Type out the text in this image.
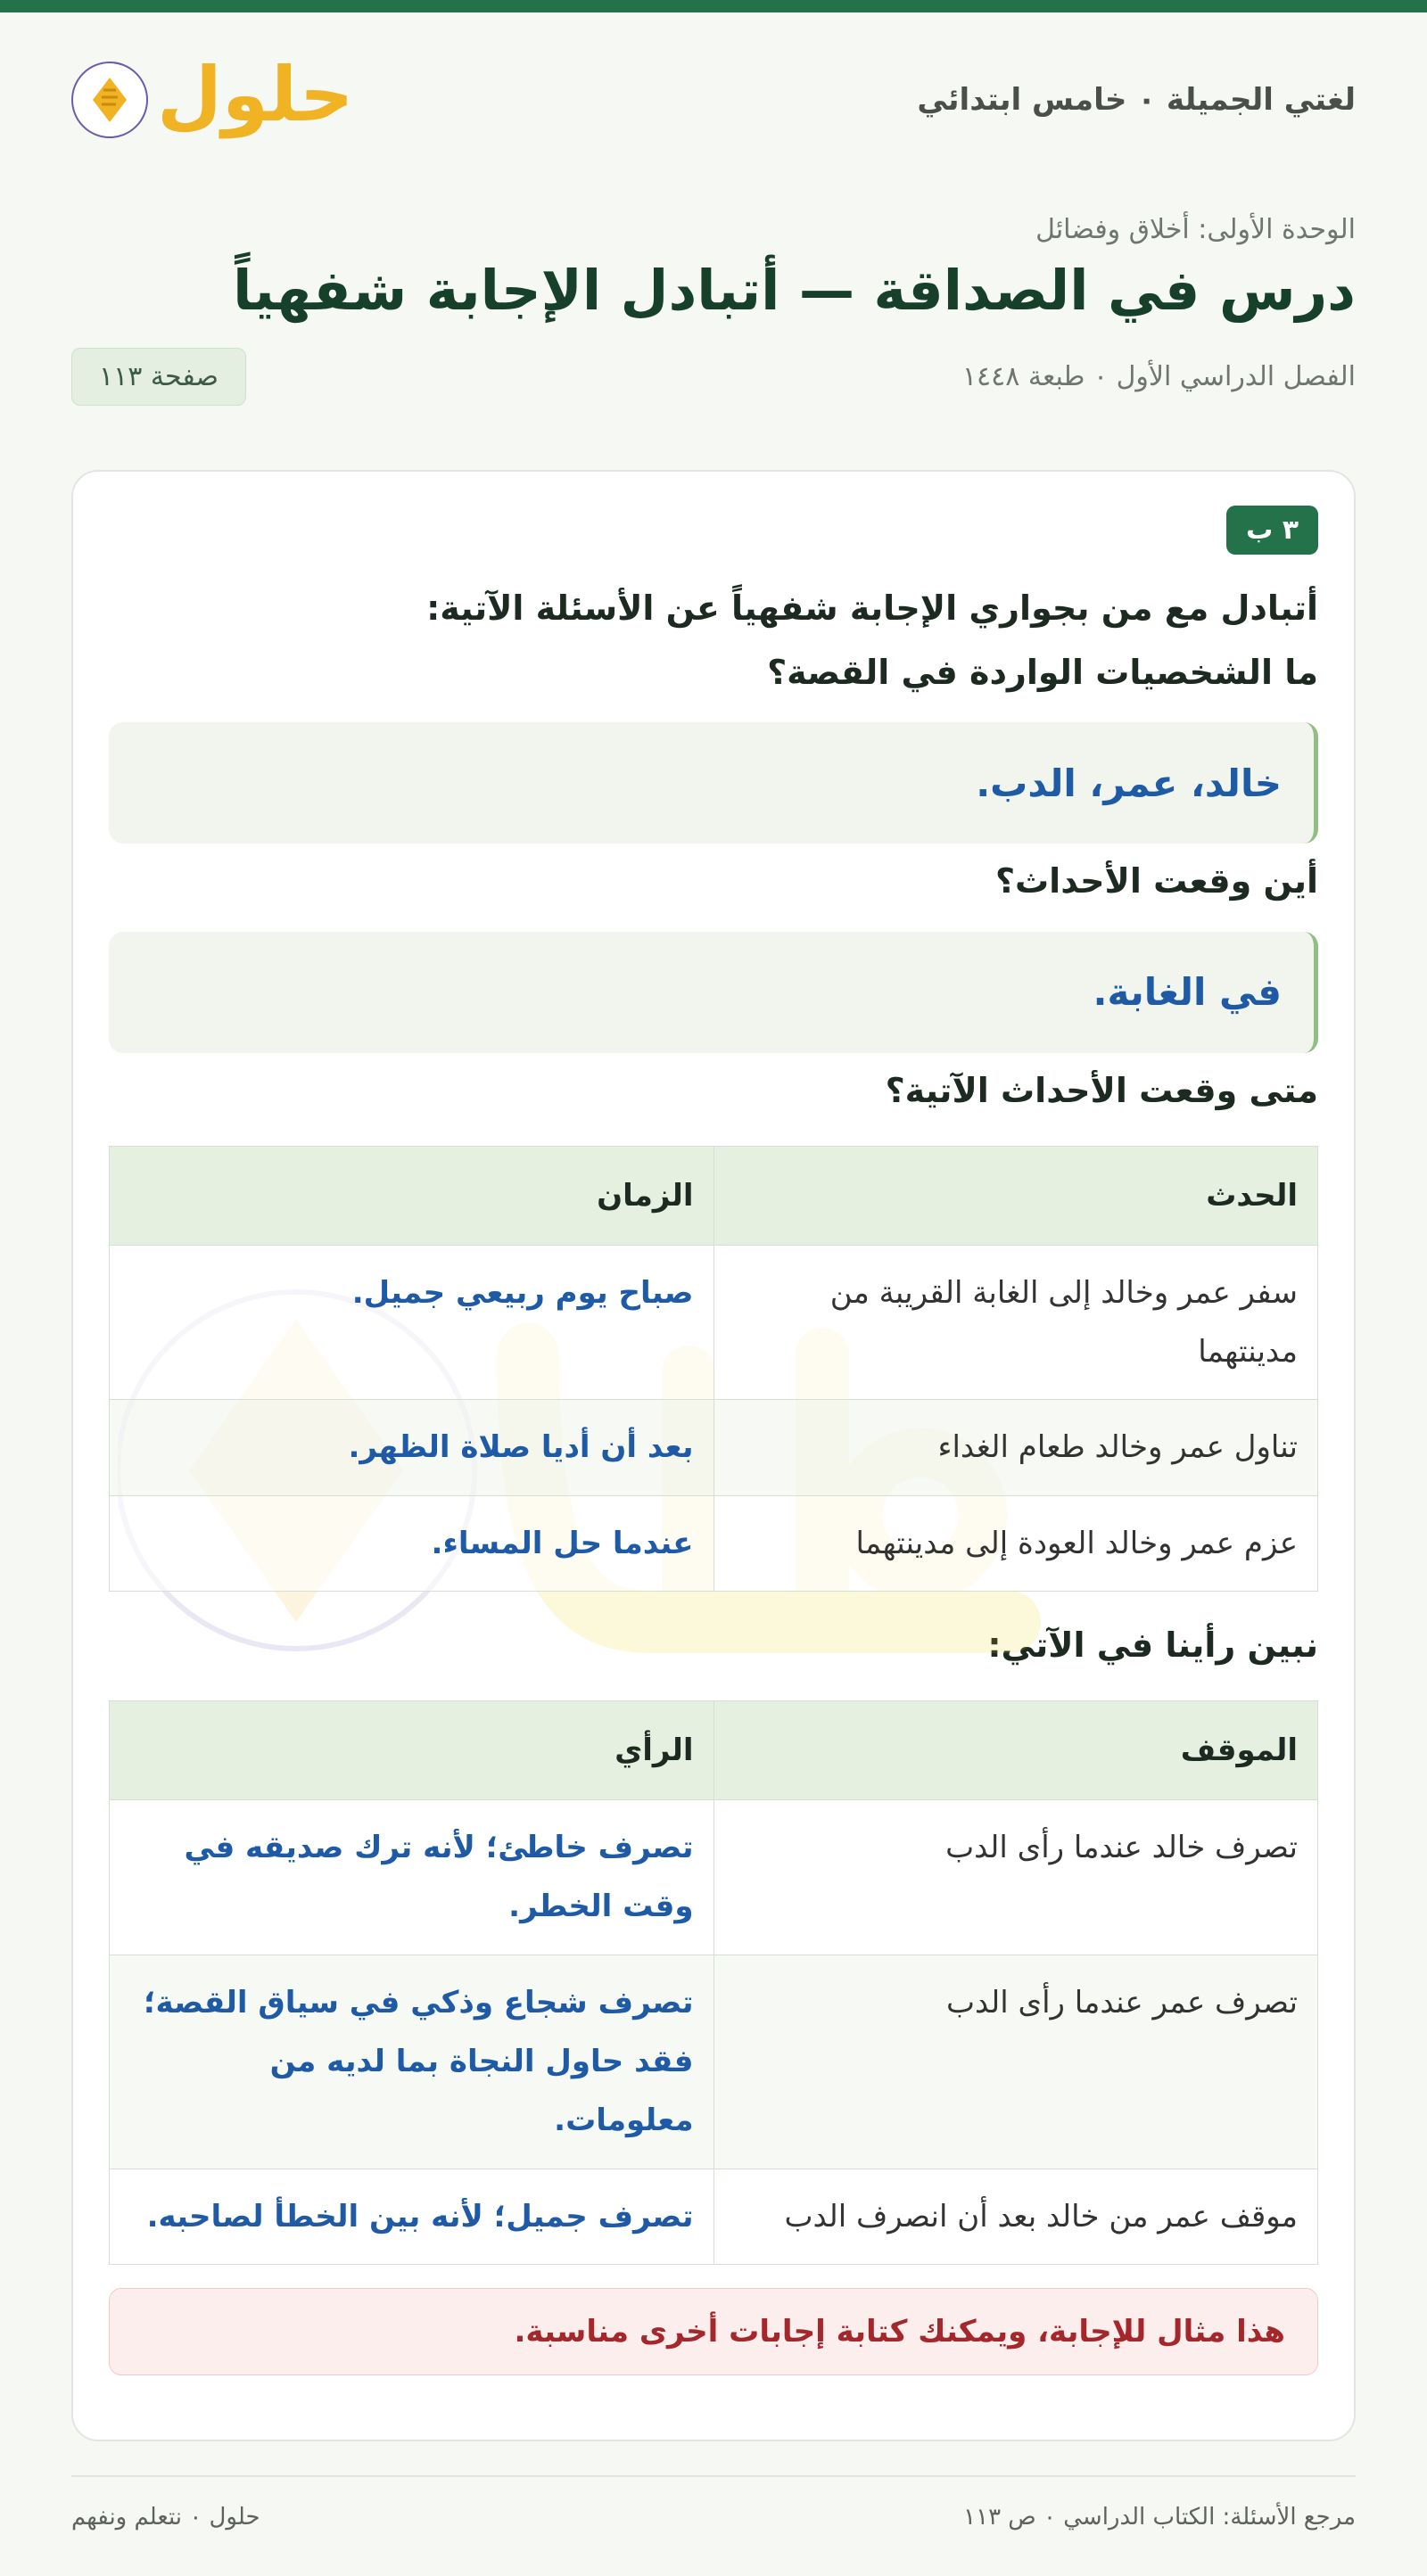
لغتي الجميلة ٠ خامس ابتدائي
حلول
الوحدة الأولى: أخلاق وفضائل
درس في الصداقة — أتبادل الإجابة شفهياً
الفصل الدراسي الأول ٠ طبعة ١٤٤٨
صفحة ١١٣
٣ ب
أتبادل مع من بجواري الإجابة شفهياً عن الأسئلة الآتية:
ما الشخصيات الواردة في القصة؟
خالد، عمر، الدب.
أين وقعت الأحداث؟
في الغابة.
متى وقعت الأحداث الآتية؟
الحدث	الزمان
سفر عمر وخالد إلى الغابة القريبة من مدينتهما	صباح يوم ربيعي جميل.
تناول عمر وخالد طعام الغداء	بعد أن أديا صلاة الظهر.
عزم عمر وخالد العودة إلى مدينتهما	عندما حل المساء.
نبين رأينا في الآتي:
الموقف	الرأي
تصرف خالد عندما رأى الدب	تصرف خاطئ؛ لأنه ترك صديقه في وقت الخطر.
تصرف عمر عندما رأى الدب	تصرف شجاع وذكي في سياق القصة؛ فقد حاول النجاة بما لديه من معلومات.
موقف عمر من خالد بعد أن انصرف الدب	تصرف جميل؛ لأنه بين الخطأ لصاحبه.
هذا مثال للإجابة، ويمكنك كتابة إجابات أخرى مناسبة.
مرجع الأسئلة: الكتاب الدراسي ٠ ص ١١٣
حلول ٠ نتعلم ونفهم
